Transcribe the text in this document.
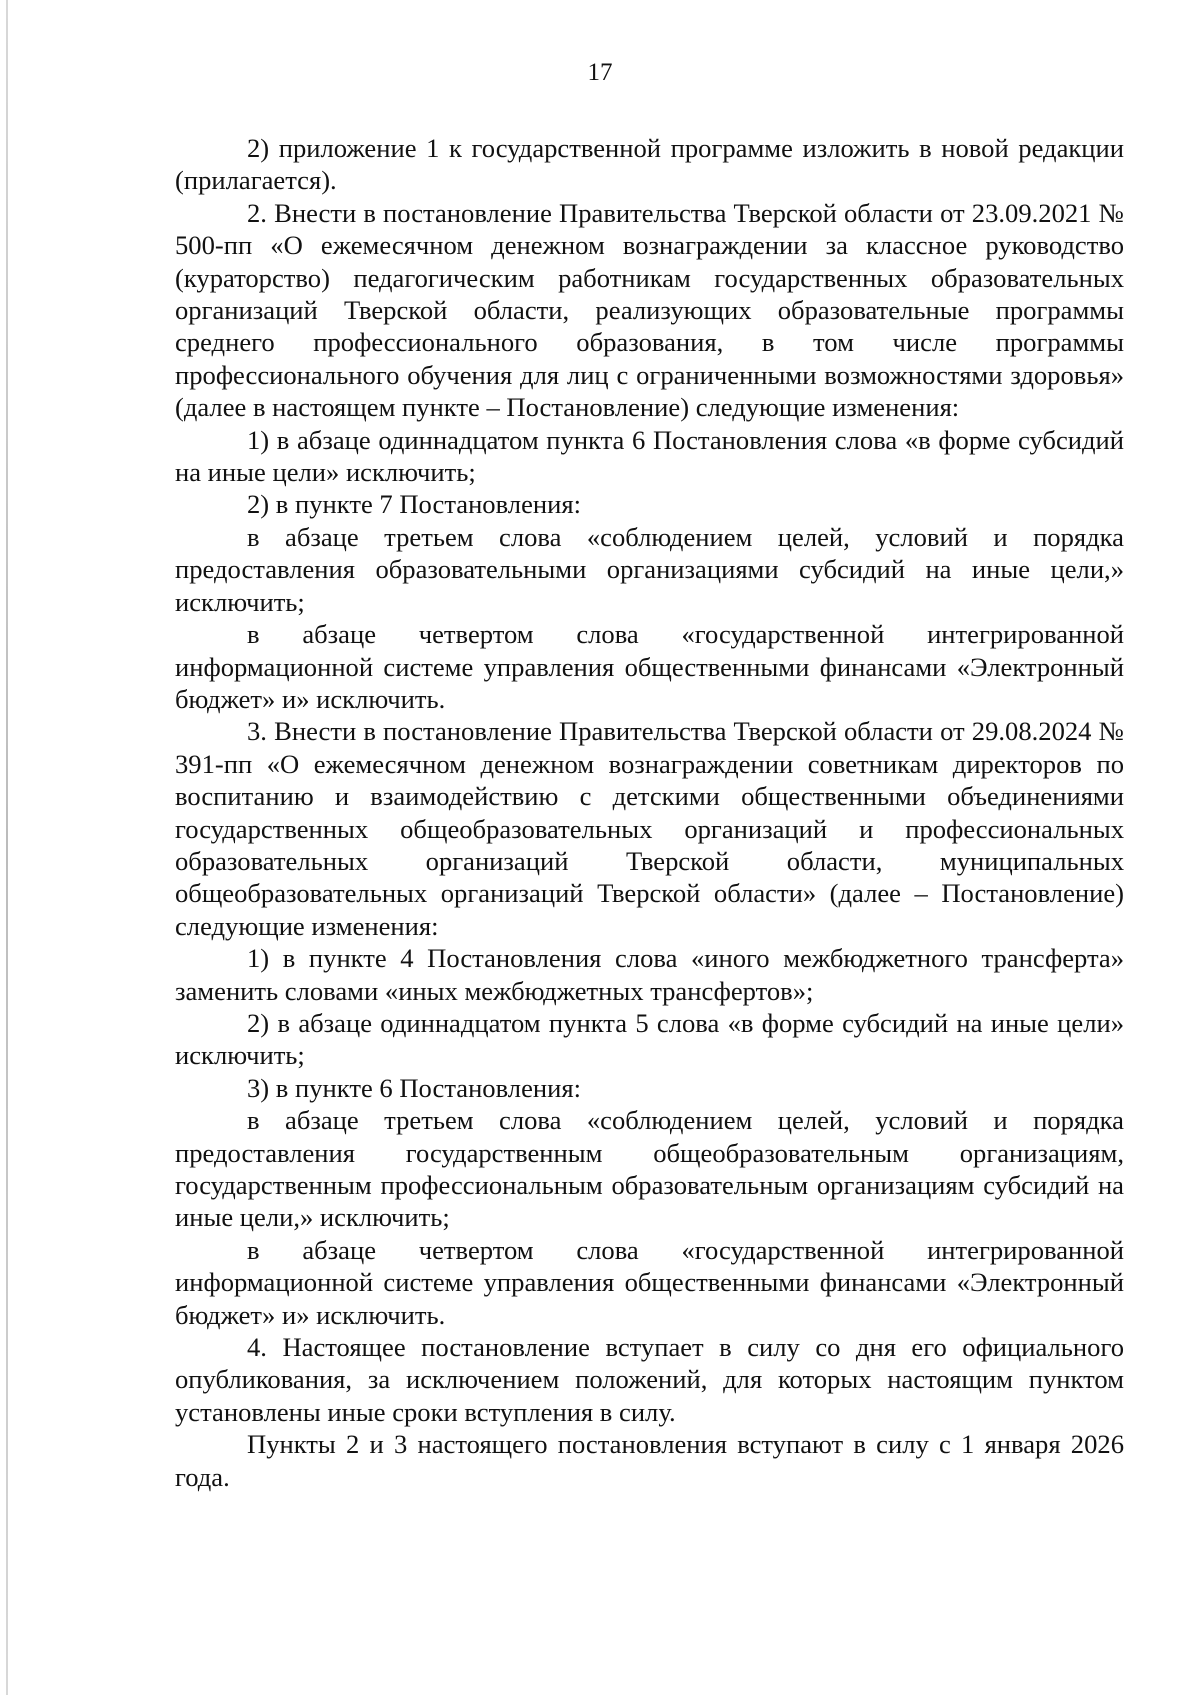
17

2) приложение 1 к государственной программе изложить в новой редакции (прилагается).

2. Внести в постановление Правительства Тверской области от 23.09.2021 № 500-пп «О ежемесячном денежном вознаграждении за классное руководство (кураторство) педагогическим работникам государственных образовательных организаций Тверской области, реализующих образовательные программы среднего профессионального образования, в том числе программы профессионального обучения для лиц с ограниченными возможностями здоровья» (далее в настоящем пункте – Постановление) следующие изменения:

1) в абзаце одиннадцатом пункта 6 Постановления слова «в форме субсидий на иные цели» исключить;

2) в пункте 7 Постановления:

в абзаце третьем слова «соблюдением целей, условий и порядка предоставления образовательными организациями субсидий на иные цели,» исключить;

в абзаце четвертом слова «государственной интегрированной информационной системе управления общественными финансами «Электронный бюджет» и» исключить.

3. Внести в постановление Правительства Тверской области от 29.08.2024 № 391-пп «О ежемесячном денежном вознаграждении советникам директоров по воспитанию и взаимодействию с детскими общественными объединениями государственных общеобразовательных организаций и профессиональных образовательных организаций Тверской области, муниципальных общеобразовательных организаций Тверской области» (далее – Постановление) следующие изменения:

1) в пункте 4 Постановления слова «иного межбюджетного трансферта» заменить словами «иных межбюджетных трансфертов»;

2) в абзаце одиннадцатом пункта 5 слова «в форме субсидий на иные цели» исключить;

3) в пункте 6 Постановления:

в абзаце третьем слова «соблюдением целей, условий и порядка предоставления государственным общеобразовательным организациям, государственным профессиональным образовательным организациям субсидий на иные цели,» исключить;

в абзаце четвертом слова «государственной интегрированной информационной системе управления общественными финансами «Электронный бюджет» и» исключить.

4. Настоящее постановление вступает в силу со дня его официального опубликования, за исключением положений, для которых настоящим пунктом установлены иные сроки вступления в силу.

Пункты 2 и 3 настоящего постановления вступают в силу с 1 января 2026 года.
